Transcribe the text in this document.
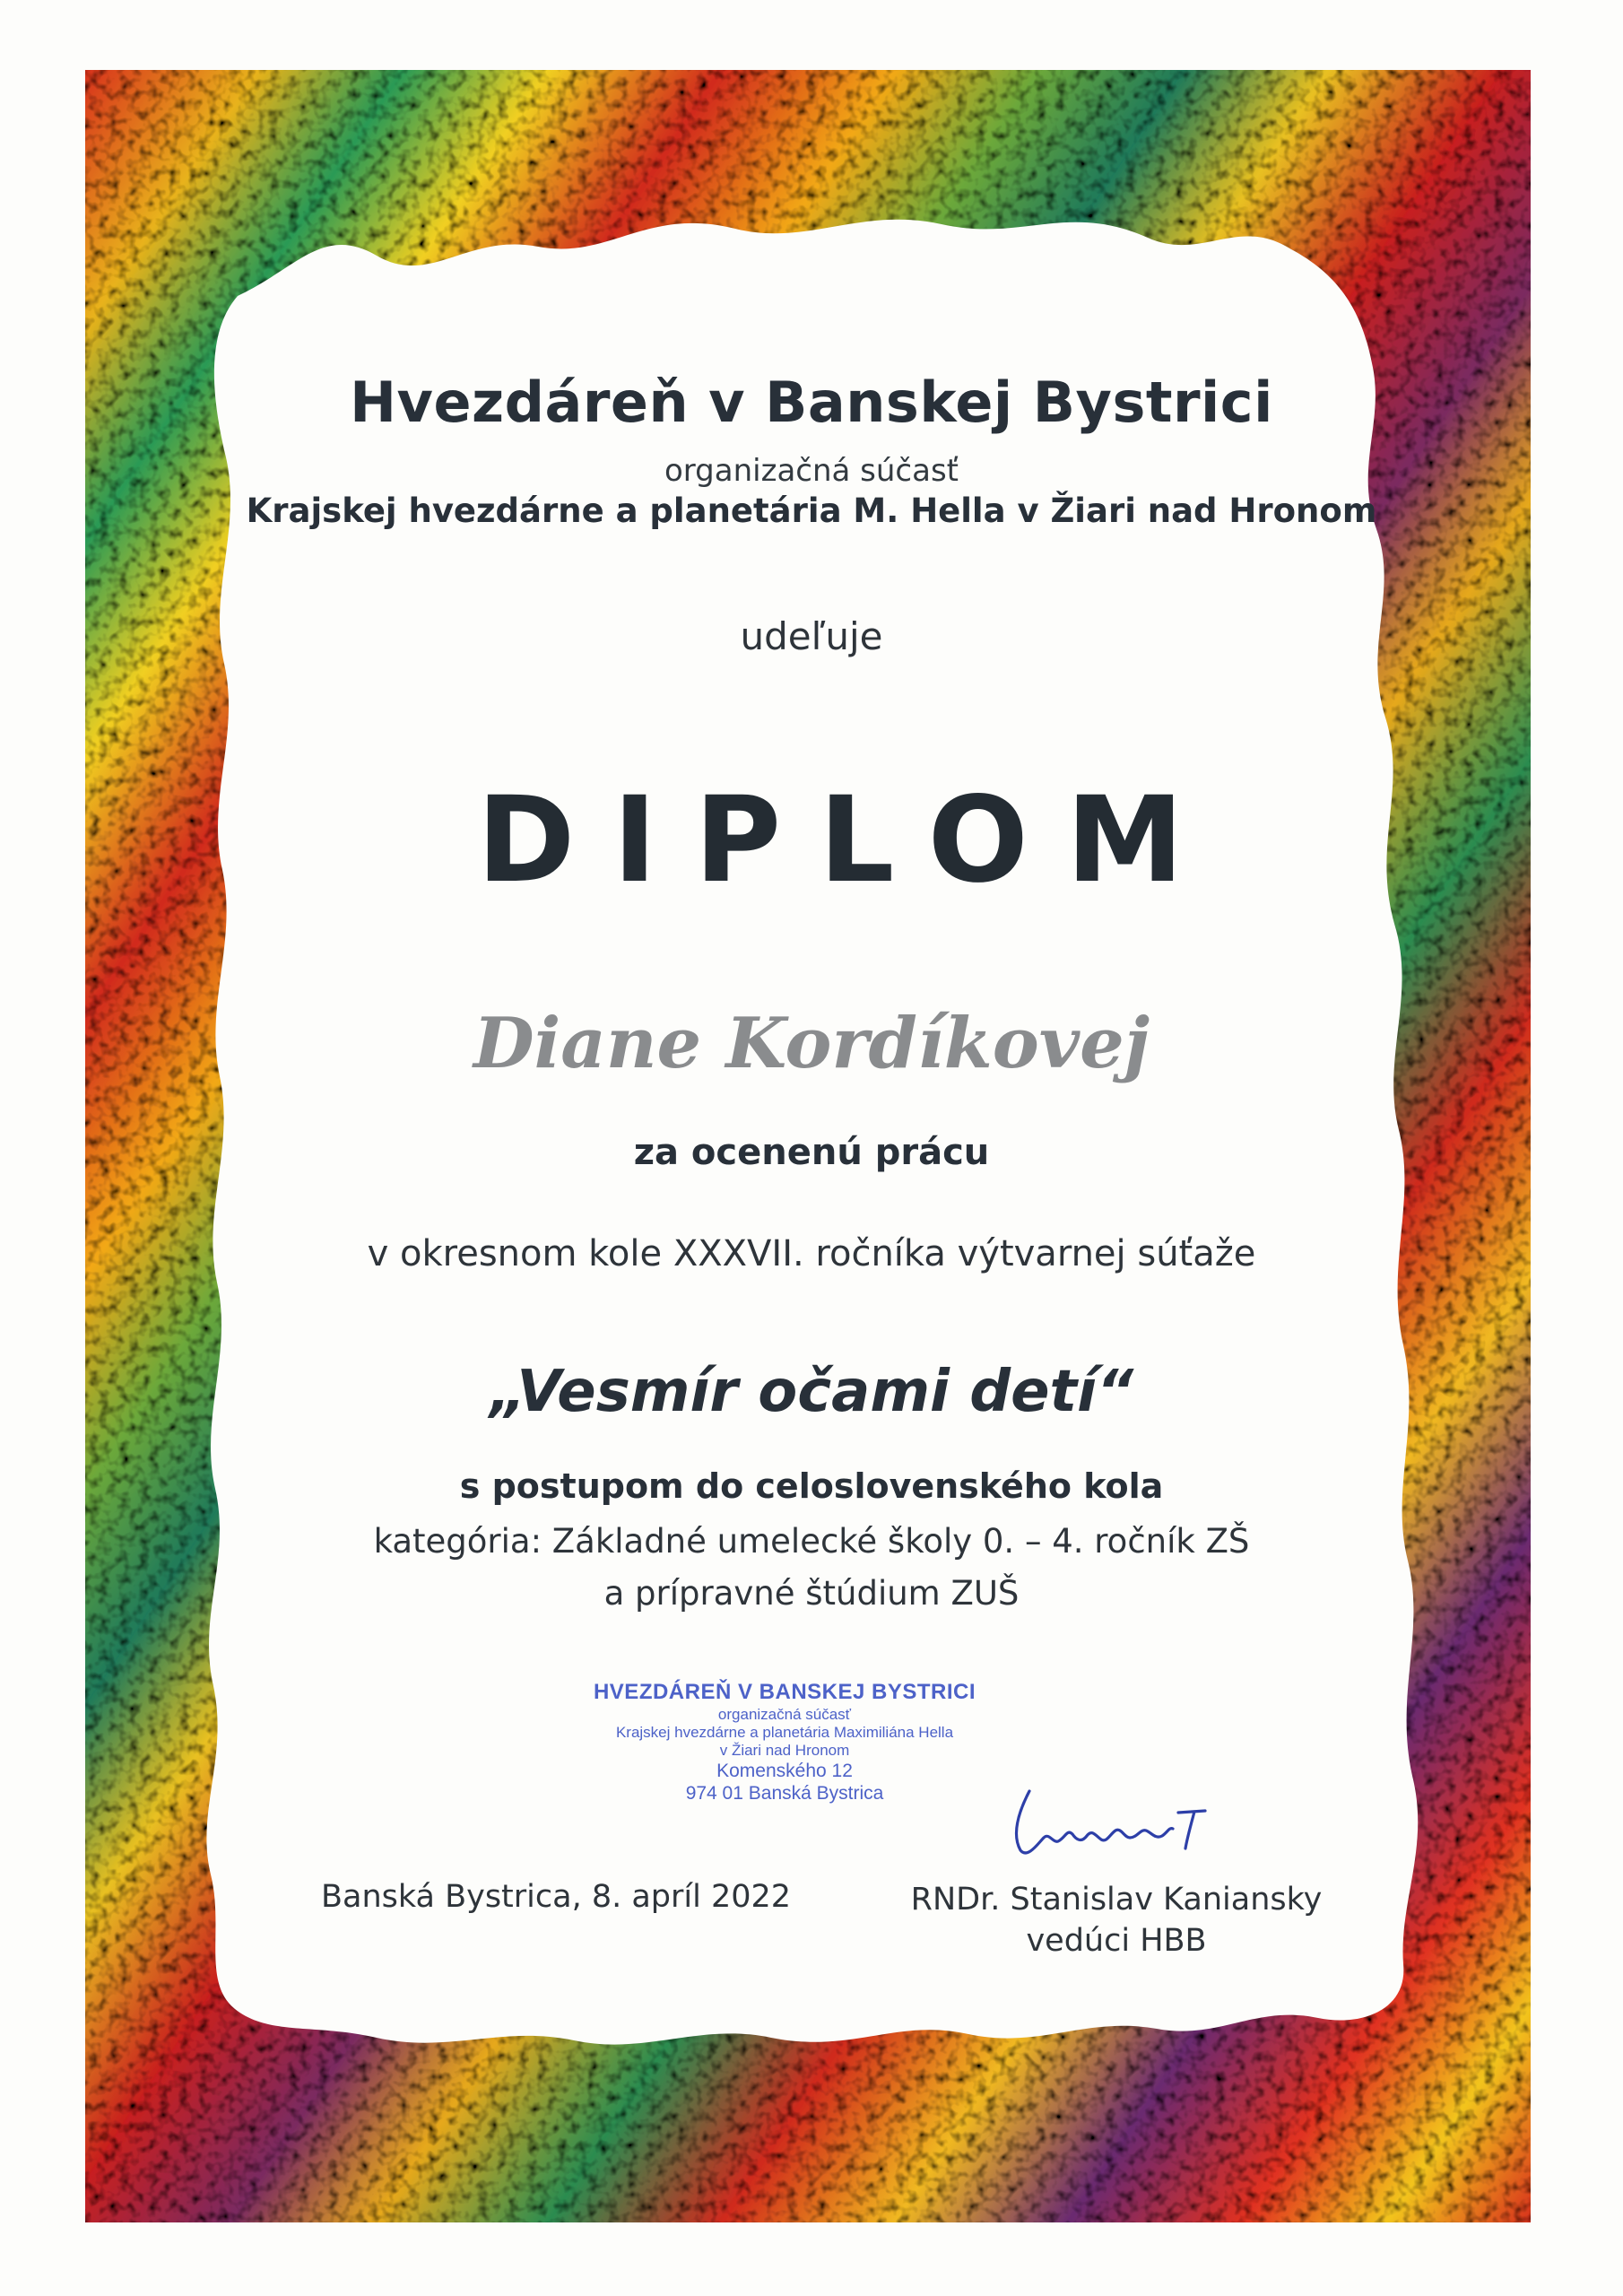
Hvezdáreň v Banskej Bystrici
organizačná súčasť
Krajskej hvezdárne a planetária M. Hella v Žiari nad Hronom
udeľuje
DIPLOM
Diane Kordíkovej
za ocenenú prácu
v okresnom kole XXXVII. ročníka výtvarnej súťaže
„Vesmír očami detí“
s postupom do celoslovenského kola
kategória: Základné umelecké školy 0. – 4. ročník ZŠ
a prípravné štúdium ZUŠ
HVEZDÁREŇ V BANSKEJ BYSTRICI
organizačná súčasť
Krajskej hvezdárne a planetária Maximiliána Hella
v Žiari nad Hronom
Komenského 12
974 01 Banská Bystrica
Banská Bystrica, 8. apríl 2022	RNDr. Stanislav Kaniansky
vedúci HBB
